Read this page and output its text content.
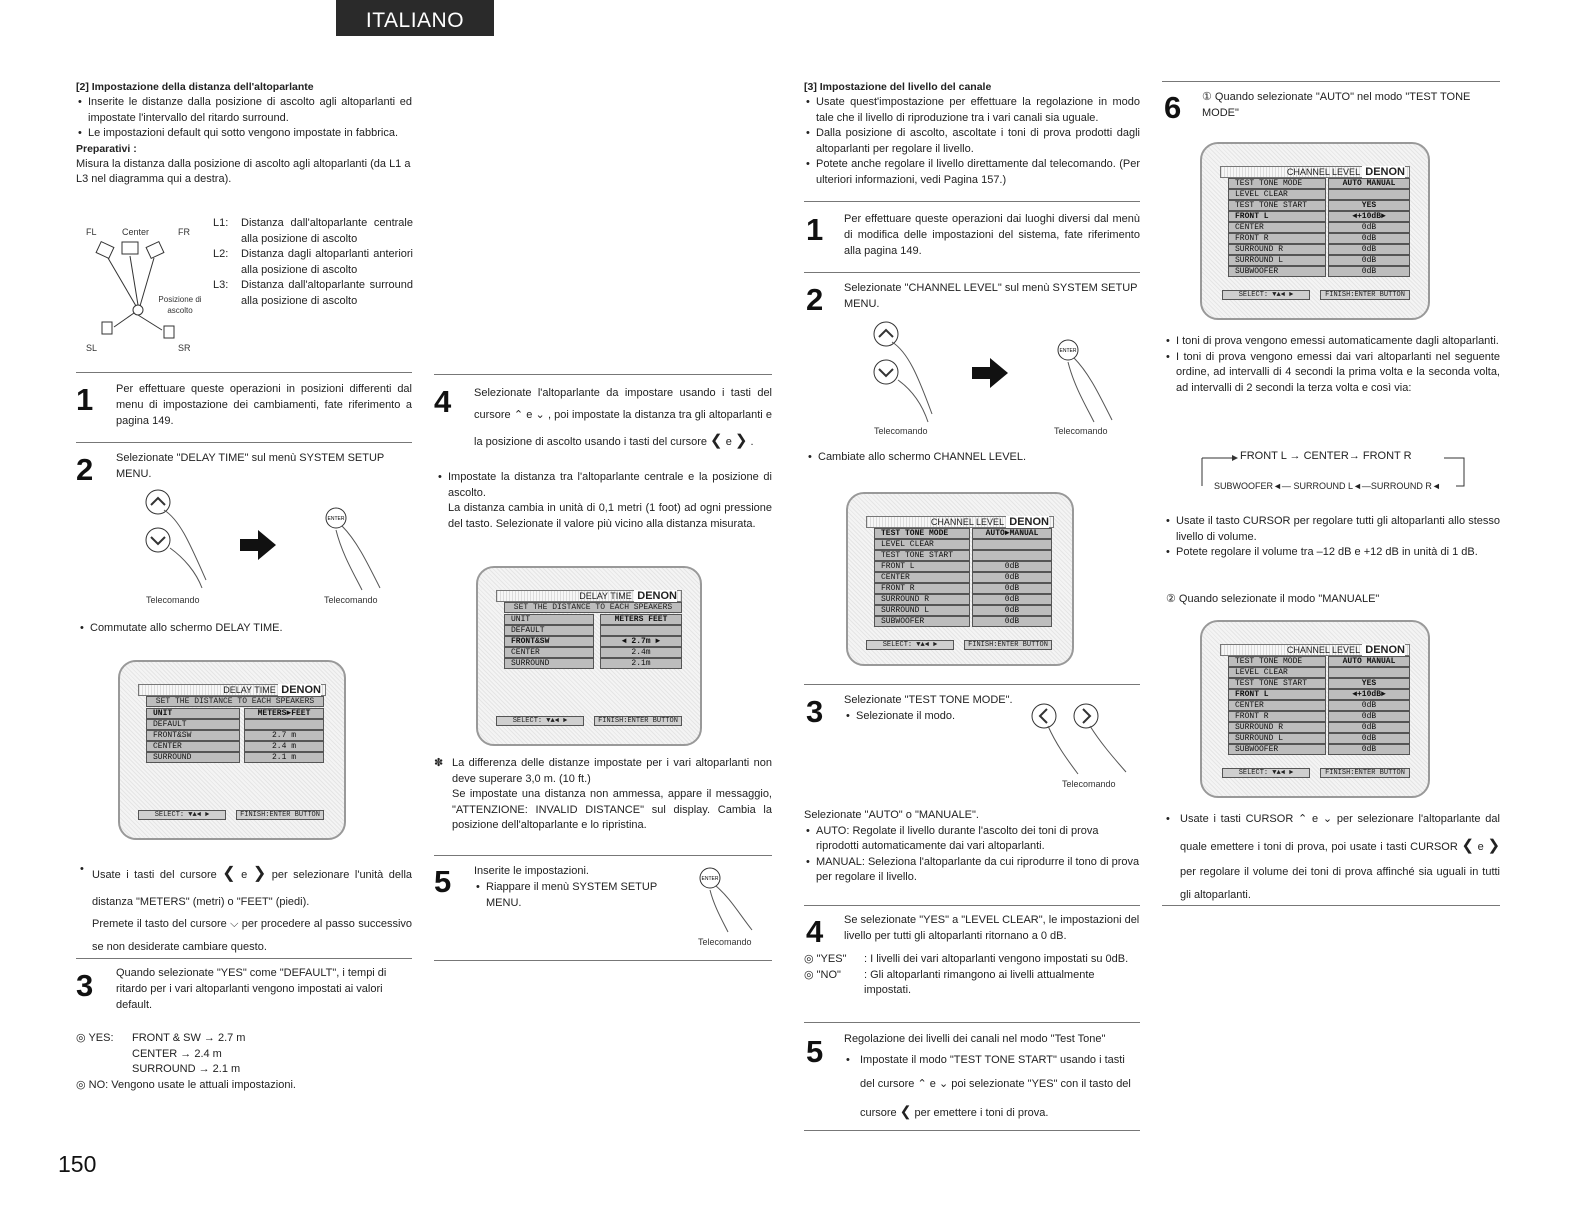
ITALIANO
[2] Impostazione della distanza dell'altoparlante
• Inserite le distanze dalla posizione di ascolto agli altoparlanti ed impostate l'intervallo del ritardo surround.
• Le impostazioni default qui sotto vengono impostate in fabbrica.
Preparativi :

Misura la distanza dalla posizione di ascolto agli altoparlanti (da L1 a L3 nel diagramma qui a destra).

FL	Center	FR
Posizione di ascolto
SL	SR
L1:	Distanza dall'altoparlante centrale alla posizione di ascolto
L2:	Distanza dagli altoparlanti anteriori alla posizione di ascolto
L3:	Distanza dall'altoparlante surround alla posizione di ascolto
1 Per effettuare queste operazioni in posizioni differenti dal menu di impostazione dei cambiamenti, fate riferimento a pagina 149.
2 Selezionate "DELAY TIME" sul menù SYSTEM SETUP MENU.
ENTER
Telecomando	Telecomando
• Commutate allo schermo DELAY TIME.
DELAY TIME DENON
SET THE DISTANCE TO EACH SPEAKERS
UNIT	METERS►FEET
DEFAULT
FRONT&SW	2.7 m
CENTER	2.4 m
SURROUND	2.1 m
SELECT: ▼▲◄ ►	FINISH:ENTER BUTTON
• Usate i tasti del cursore ❮ e ❯ per selezionare l'unità della distanza "METERS" (metri) o "FEET" (piedi).
Premete il tasto del cursore ⌵ per procedere al passo successivo se non desiderate cambiare questo.
3 Quando selezionate "YES" come "DEFAULT", i tempi di ritardo per i vari altoparlanti vengono impostati ai valori default.
◎ YES:	FRONT & SW → 2.7 m
CENTER → 2.4 m
SURROUND → 2.1 m
◎ NO: Vengono usate le attuali impostazioni.
150
4 Selezionate l'altoparlante da impostare usando i tasti del cursore ⌃ e ⌄ , poi impostate la distanza tra gli altoparlanti e la posizione di ascolto usando i tasti del cursore ❮ e ❯ .
• Impostate la distanza tra l'altoparlante centrale e la posizione di ascolto.
La distanza cambia in unità di 0,1 metri (1 foot) ad ogni pressione del tasto. Selezionate il valore più vicino alla distanza misurata.
DELAY TIME DENON
SET THE DISTANCE TO EACH SPEAKERS
UNIT	METERS FEET
DEFAULT
FRONT&SW	◄ 2.7m ►
CENTER	2.4m
SURROUND	2.1m
SELECT: ▼▲◄ ►	FINISH:ENTER BUTTON
✽ La differenza delle distanze impostate per i vari altoparlanti non deve superare 3,0 m. (10 ft.)

Se impostate una distanza non ammessa, appare il messaggio, "ATTENZIONE: INVALID DISTANCE" sul display. Cambia la posizione dell'altoparlante e lo ripristina.

5 Inserite le impostazioni.
• Riappare il menù SYSTEM SETUP MENU.
ENTER
Telecomando
[3] Impostazione del livello del canale
• Usate quest'impostazione per effettuare la regolazione in modo tale che il livello di riproduzione tra i vari canali sia uguale.
• Dalla posizione di ascolto, ascoltate i toni di prova prodotti dagli altoparlanti per regolare il livello.
• Potete anche regolare il livello direttamente dal telecomando. (Per ulteriori informazioni, vedi Pagina 157.)
1 Per effettuare queste operazioni dai luoghi diversi dal menù di modifica delle impostazioni del sistema, fate riferimento alla pagina 149.
2 Selezionate "CHANNEL LEVEL" sul menù SYSTEM SETUP MENU.
ENTER
Telecomando	Telecomando
• Cambiate allo schermo CHANNEL LEVEL.
CHANNEL LEVEL DENON
TEST TONE MODE	AUTO►MANUAL
LEVEL CLEAR
TEST TONE START
FRONT L	0dB
CENTER	0dB
FRONT R	0dB
SURROUND R	0dB
SURROUND L	0dB
SUBWOOFER	0dB
SELECT: ▼▲◄ ►	FINISH:ENTER BUTTON
3 Selezionate "TEST TONE MODE".
• Selezionate il modo.
Telecomando

Selezionate "AUTO" o "MANUALE".

• AUTO: Regolate il livello durante l'ascolto dei toni di prova riprodotti automaticamente dai vari altoparlanti.
• MANUAL: Seleziona l'altoparlante da cui riprodurre il tono di prova per regolare il livello.
4 Se selezionate "YES" a "LEVEL CLEAR", le impostazioni del livello per tutti gli altoparlanti ritornano a 0 dB.
◎ "YES"	: I livelli dei vari altoparlanti vengono impostati su 0dB.
◎ "NO"	: Gli altoparlanti rimangono ai livelli attualmente impostati.
5 Regolazione dei livelli dei canali nel modo "Test Tone"
• Impostate il modo "TEST TONE START" usando i tasti del cursore ⌃ e ⌄ poi selezionate "YES" con il tasto del cursore ❮ per emettere i toni di prova.
6 ① Quando selezionate "AUTO" nel modo "TEST TONE MODE"
CHANNEL LEVEL DENON
TEST TONE MODE	AUTO MANUAL
LEVEL CLEAR
TEST TONE START	YES
FRONT L	◄+10dB►
CENTER	0dB
FRONT R	0dB
SURROUND R	0dB
SURROUND L	0dB
SUBWOOFER	0dB
SELECT: ▼▲◄ ►	FINISH:ENTER BUTTON
• I toni di prova vengono emessi automaticamente dagli altoparlanti.
• I toni di prova vengono emessi dai vari altoparlanti nel seguente ordine, ad intervalli di 4 secondi la prima volta e la seconda volta, ad intervalli di 2 secondi la terza volta e così via:
FRONT L → CENTER→ FRONT R
SUBWOOFER◄— SURROUND L◄—SURROUND R◄
• Usate il tasto CURSOR per regolare tutti gli altoparlanti allo stesso livello di volume.
• Potete regolare il volume tra –12 dB e +12 dB in unità di 1 dB.
② Quando selezionate il modo "MANUALE"
CHANNEL LEVEL DENON
TEST TONE MODE	AUTO MANUAL
LEVEL CLEAR
TEST TONE START	YES
FRONT L	◄+10dB►
CENTER	0dB
FRONT R	0dB
SURROUND R	0dB
SURROUND L	0dB
SUBWOOFER	0dB
SELECT: ▼▲◄ ►	FINISH:ENTER BUTTON
• Usate i tasti CURSOR ⌃ e ⌄ per selezionare l'altoparlante dal quale emettere i toni di prova, poi usate i tasti CURSOR ❮ e ❯ per regolare il volume dei toni di prova affinché sia uguali in tutti gli altoparlanti.
